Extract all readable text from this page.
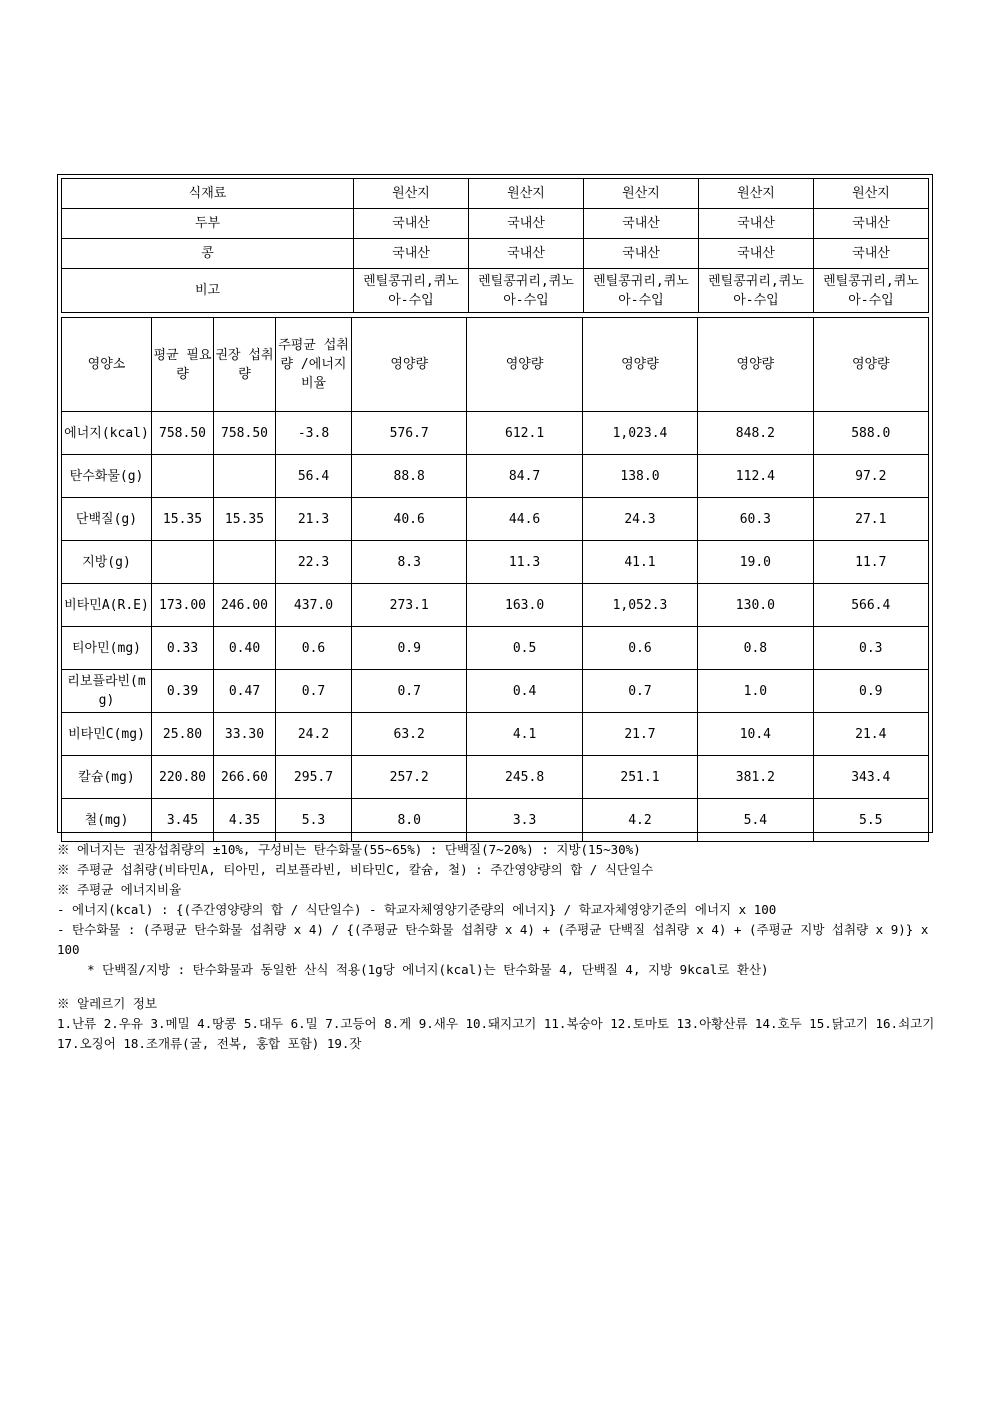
식재료	원산지	원산지	원산지	원산지	원산지
두부	국내산	국내산	국내산	국내산	국내산
콩	국내산	국내산	국내산	국내산	국내산
비고	렌틸콩귀리,퀴노아-수입	렌틸콩귀리,퀴노아-수입	렌틸콩귀리,퀴노아-수입	렌틸콩귀리,퀴노아-수입	렌틸콩귀리,퀴노아-수입
영양소	평균 필요량	권장 섭취량	주평균 섭취량 /에너지 비율	영양량	영양량	영양량	영양량	영양량
에너지(kcal)	758.50	758.50	-3.8	576.7	612.1	1,023.4	848.2	588.0
탄수화물(g)			56.4	88.8	84.7	138.0	112.4	97.2
단백질(g)	15.35	15.35	21.3	40.6	44.6	24.3	60.3	27.1
지방(g)			22.3	8.3	11.3	41.1	19.0	11.7
비타민A(R.E)	173.00	246.00	437.0	273.1	163.0	1,052.3	130.0	566.4
티아민(mg)	0.33	0.40	0.6	0.9	0.5	0.6	0.8	0.3
리보플라빈(mg)	0.39	0.47	0.7	0.7	0.4	0.7	1.0	0.9
비타민C(mg)	25.80	33.30	24.2	63.2	4.1	21.7	10.4	21.4
칼슘(mg)	220.80	266.60	295.7	257.2	245.8	251.1	381.2	343.4
철(mg)	3.45	4.35	5.3	8.0	3.3	4.2	5.4	5.5
※ 에너지는 권장섭취량의 ±10%, 구성비는 탄수화물(55~65%) : 단백질(7~20%) : 지방(15~30%)
※ 주평균 섭취량(비타민A, 티아민, 리보플라빈, 비타민C, 칼슘, 철) : 주간영양량의 합 / 식단일수
※ 주평균 에너지비율
- 에너지(kcal) : {(주간영양량의 합 / 식단일수) - 학교자체영양기준량의 에너지} / 학교자체영양기준의 에너지 x 100
- 탄수화물 : (주평균 탄수화물 섭취량 x 4) / {(주평균 탄수화물 섭취량 x 4) + (주평균 단백질 섭취량 x 4) + (주평균 지방 섭취량 x 9)} x 100
* 단백질/지방 : 탄수화물과 동일한 산식 적용(1g당 에너지(kcal)는 탄수화물 4, 단백질 4, 지방 9kcal로 환산)
※ 알레르기 정보
1.난류 2.우유 3.메밀 4.땅콩 5.대두 6.밀 7.고등어 8.게 9.새우 10.돼지고기 11.복숭아 12.토마토 13.아황산류 14.호두 15.닭고기 16.쇠고기 17.오징어 18.조개류(굴, 전복, 홍합 포함) 19.잣
